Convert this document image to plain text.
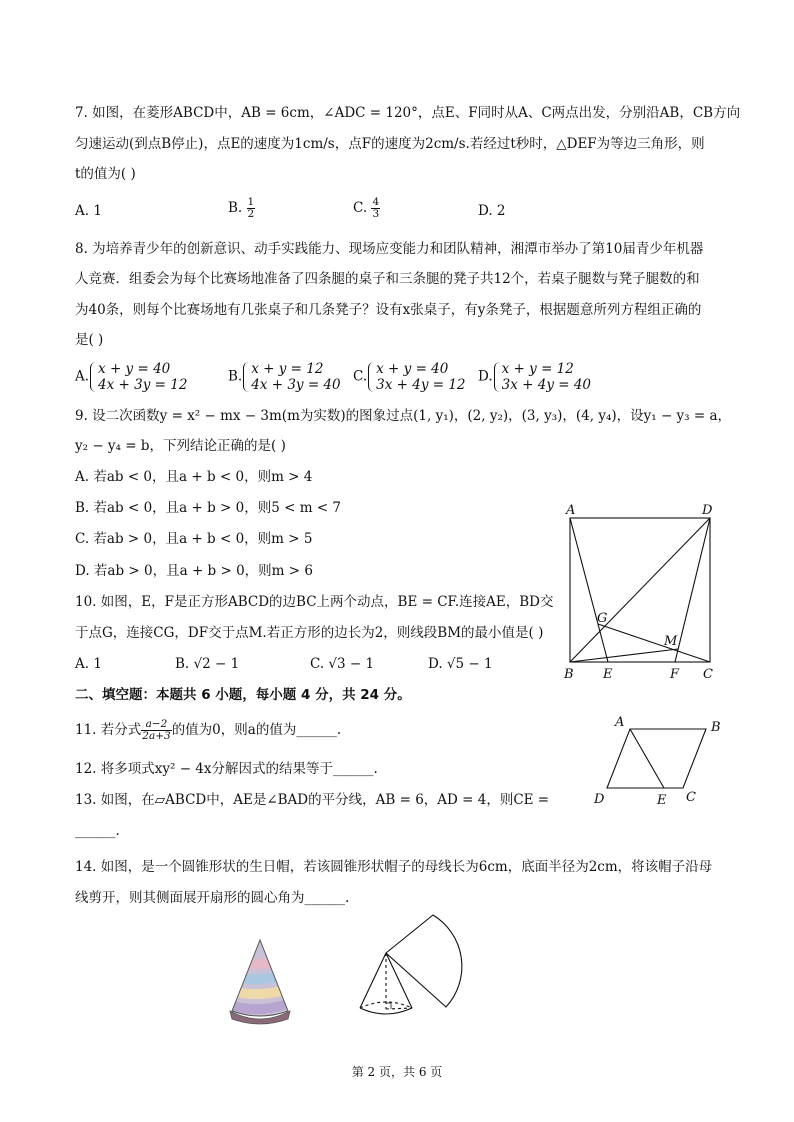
7. 如图，在菱形ABCD中，AB = 6cm，∠ADC = 120°，点E、F同时从A、C两点出发，分别沿AB，CB方向
匀速运动(到点B停止)，点E的速度为1cm/s，点F的速度为2cm/s.若经过t秒时，△DEF为等边三角形，则
t的值为( )
A. 1	B. $\frac{1}{2}$	C. $\frac{4}{3}$	D. 2
8. 为培养青少年的创新意识、动手实践能力、现场应变能力和团队精神，湘潭市举办了第10届青少年机器
人竞赛．组委会为每个比赛场地准备了四条腿的桌子和三条腿的凳子共12个，若桌子腿数与凳子腿数的和
为40条，则每个比赛场地有几张桌子和几条凳子？设有x张桌子，有y条凳子，根据题意所列方程组正确的
是( )
A. x + y = 40
4x + 3y = 12
B. x + y = 12
4x + 3y = 40
C. x + y = 40
3x + 4y = 12
D. x + y = 12
3x + 4y = 40
9. 设二次函数y = x² − mx − 3m(m为实数)的图象过点(1, y₁)，(2, y₂)，(3, y₃)，(4, y₄)，设y₁ − y₃ = a，
y₂ − y₄ = b，下列结论正确的是( )
A. 若ab < 0，且a + b < 0，则m > 4
B. 若ab < 0，且a + b > 0，则5 < m < 7
C. 若ab > 0，且a + b < 0，则m > 5
D. 若ab > 0，且a + b > 0，则m > 6
10. 如图，E，F是正方形ABCD的边BC上两个动点，BE = CF.连接AE，BD交
于点G，连接CG，DF交于点M.若正方形的边长为2，则线段BM的最小值是( )
A. 1	B. √2 − 1	C. √3 − 1	D. √5 − 1
A	D
G
M
B E	F C
二、填空题：本题共 6 小题，每小题 4 分，共 24 分。
11. 若分式 $\frac{a-2}{2a+3}$ 的值为0，则a的值为______.
12. 将多项式xy² − 4x分解因式的结果等于______.
13. 如图，在▱ABCD中，AE是∠BAD的平分线，AB = 6，AD = 4，则CE =
______.
A	B
D	E C
14. 如图，是一个圆锥形状的生日帽，若该圆锥形状帽子的母线长为6cm，底面半径为2cm，将该帽子沿母
线剪开，则其侧面展开扇形的圆心角为______.
第 2 页，共 6 页
